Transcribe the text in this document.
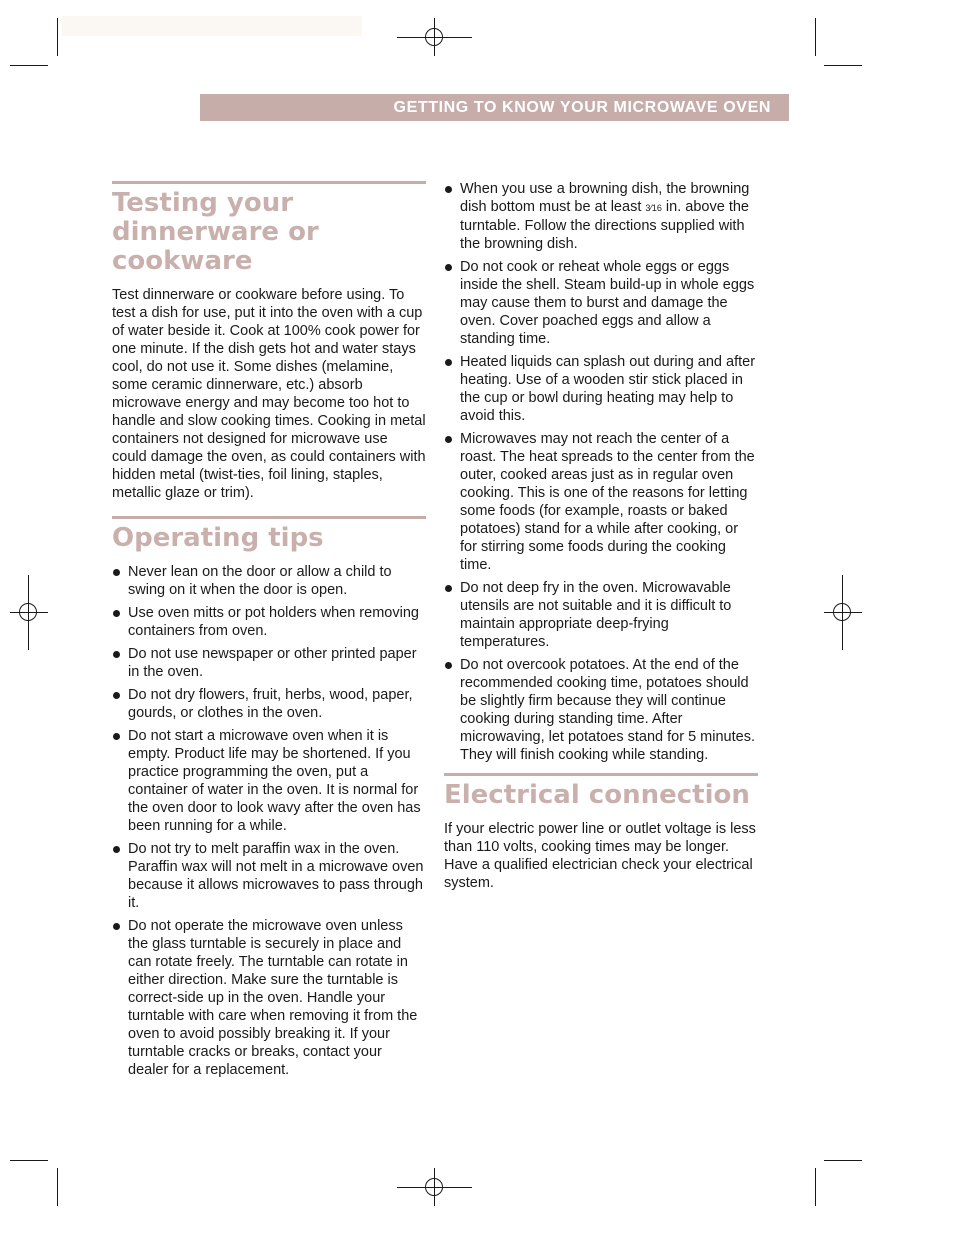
GETTING TO KNOW YOUR MICROWAVE OVEN
Testing your dinnerware or cookware

Test dinnerware or cookware before using. To test a dish for use, put it into the oven with a cup of water beside it. Cook at 100% cook power for one minute. If the dish gets hot and water stays cool, do not use it. Some dishes (melamine, some ceramic dinnerware, etc.) absorb microwave energy and may become too hot to handle and slow cooking times. Cooking in metal containers not designed for microwave use could damage the oven, as could containers with hidden metal (twist-ties, foil lining, staples, metallic glaze or trim).

Operating tips
Never lean on the door or allow a child to swing on it when the door is open.
Use oven mitts or pot holders when removing containers from oven.
Do not use newspaper or other printed paper in the oven.
Do not dry flowers, fruit, herbs, wood, paper, gourds, or clothes in the oven.
Do not start a microwave oven when it is empty. Product life may be shortened. If you practice programming the oven, put a container of water in the oven. It is normal for the oven door to look wavy after the oven has been running for a while.
Do not try to melt paraffin wax in the oven. Paraffin wax will not melt in a microwave oven because it allows microwaves to pass through it.
Do not operate the microwave oven unless the glass turntable is securely in place and can rotate freely. The turntable can rotate in either direction. Make sure the turntable is correct-side up in the oven. Handle your turntable with care when removing it from the oven to avoid possibly breaking it. If your turntable cracks or breaks, contact your dealer for a replacement.
When you use a browning dish, the browning dish bottom must be at least 3⁄16 in. above the turntable. Follow the directions supplied with the browning dish.
Do not cook or reheat whole eggs or eggs inside the shell. Steam build-up in whole eggs may cause them to burst and damage the oven. Cover poached eggs and allow a standing time.
Heated liquids can splash out during and after heating. Use of a wooden stir stick placed in the cup or bowl during heating may help to avoid this.
Microwaves may not reach the center of a roast. The heat spreads to the center from the outer, cooked areas just as in regular oven cooking. This is one of the reasons for letting some foods (for example, roasts or baked potatoes) stand for a while after cooking, or for stirring some foods during the cooking time.
Do not deep fry in the oven. Microwavable utensils are not suitable and it is difficult to maintain appropriate deep-frying temperatures.
Do not overcook potatoes. At the end of the recommended cooking time, potatoes should be slightly firm because they will continue cooking during standing time. After microwaving, let potatoes stand for 5 minutes. They will finish cooking while standing.
Electrical connection

If your electric power line or outlet voltage is less than 110 volts, cooking times may be longer. Have a qualified electrician check your electrical system.
